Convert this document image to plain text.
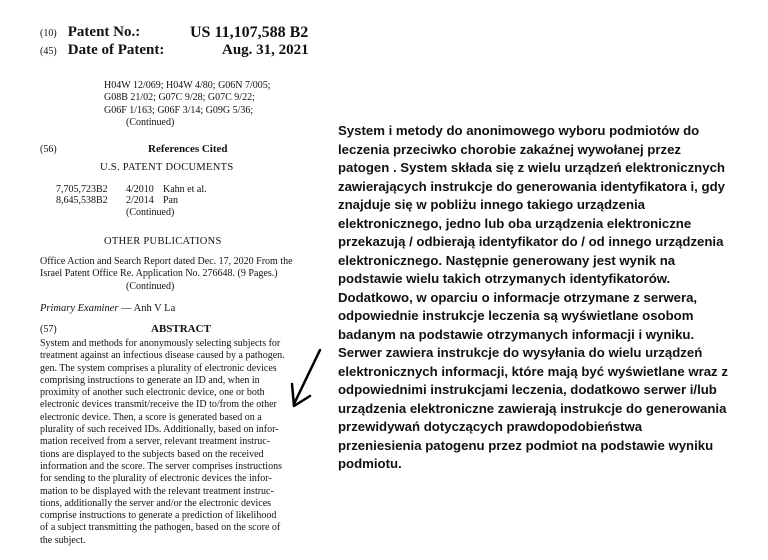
(10) Patent No.:	US 11,107,588 B2
(45) Date of Patent:	Aug. 31, 2021
H04W 12/069; H04W 4/80; G06N 7/005;
G08B 21/02; G07C 9/28; G07C 9/22;
G06F 1/163; G06F 3/14; G09G 5/36;
(Continued)
(56)	References Cited
U.S. PATENT DOCUMENTS
7,705,723 B2 4/2010 Kahn et al.
8,645,538 B2 2/2014 Pan
(Continued)
OTHER PUBLICATIONS
Office Action and Search Report dated Dec. 17, 2020 From the
Israel Patent Office Re. Application No. 276648. (9 Pages.)
(Continued)
Primary Examiner — Anh V La
(57)	ABSTRACT
System and methods for anonymously selecting subjects for
treatment against an infectious disease caused by a pathogen.
gen. The system comprises a plurality of electronic devices
comprising instructions to generate an ID and, when in
proximity of another such electronic device, one or both
electronic devices transmit/receive the ID to/from the other
electronic device. Then, a score is generated based on a
plurality of such received IDs. Additionally, based on infor-
mation received from a server, relevant treatment instruc-
tions are displayed to the subjects based on the received
information and the score. The server comprises instructions
for sending to the plurality of electronic devices the infor-
mation to be displayed with the relevant treatment instruc-
tions, additionally the server and/or the electronic devices
comprise instructions to generate a prediction of likelihood
of a subject transmitting the pathogen, based on the score of
the subject.
System i metody do anonimowego wyboru podmiotów do
leczenia przeciwko chorobie zakaźnej wywołanej przez
patogen . System składa się z wielu urządzeń elektronicznych
zawierających instrukcje do generowania identyfikatora i, gdy
znajduje się w pobliżu innego takiego urządzenia
elektronicznego, jedno lub oba urządzenia elektroniczne
przekazują / odbierają identyfikator do / od innego urządzenia
elektronicznego. Następnie generowany jest wynik na
podstawie wielu takich otrzymanych identyfikatorów.
Dodatkowo, w oparciu o informacje otrzymane z serwera,
odpowiednie instrukcje leczenia są wyświetlane osobom
badanym na podstawie otrzymanych informacji i wyniku.
Serwer zawiera instrukcje do wysyłania do wielu urządzeń
elektronicznych informacji, które mają być wyświetlane wraz z
odpowiednimi instrukcjami leczenia, dodatkowo serwer i/lub
urządzenia elektroniczne zawierają instrukcje do generowania
przewidywań dotyczących prawdopodobieństwa
przeniesienia patogenu przez podmiot na podstawie wyniku
podmiotu.
